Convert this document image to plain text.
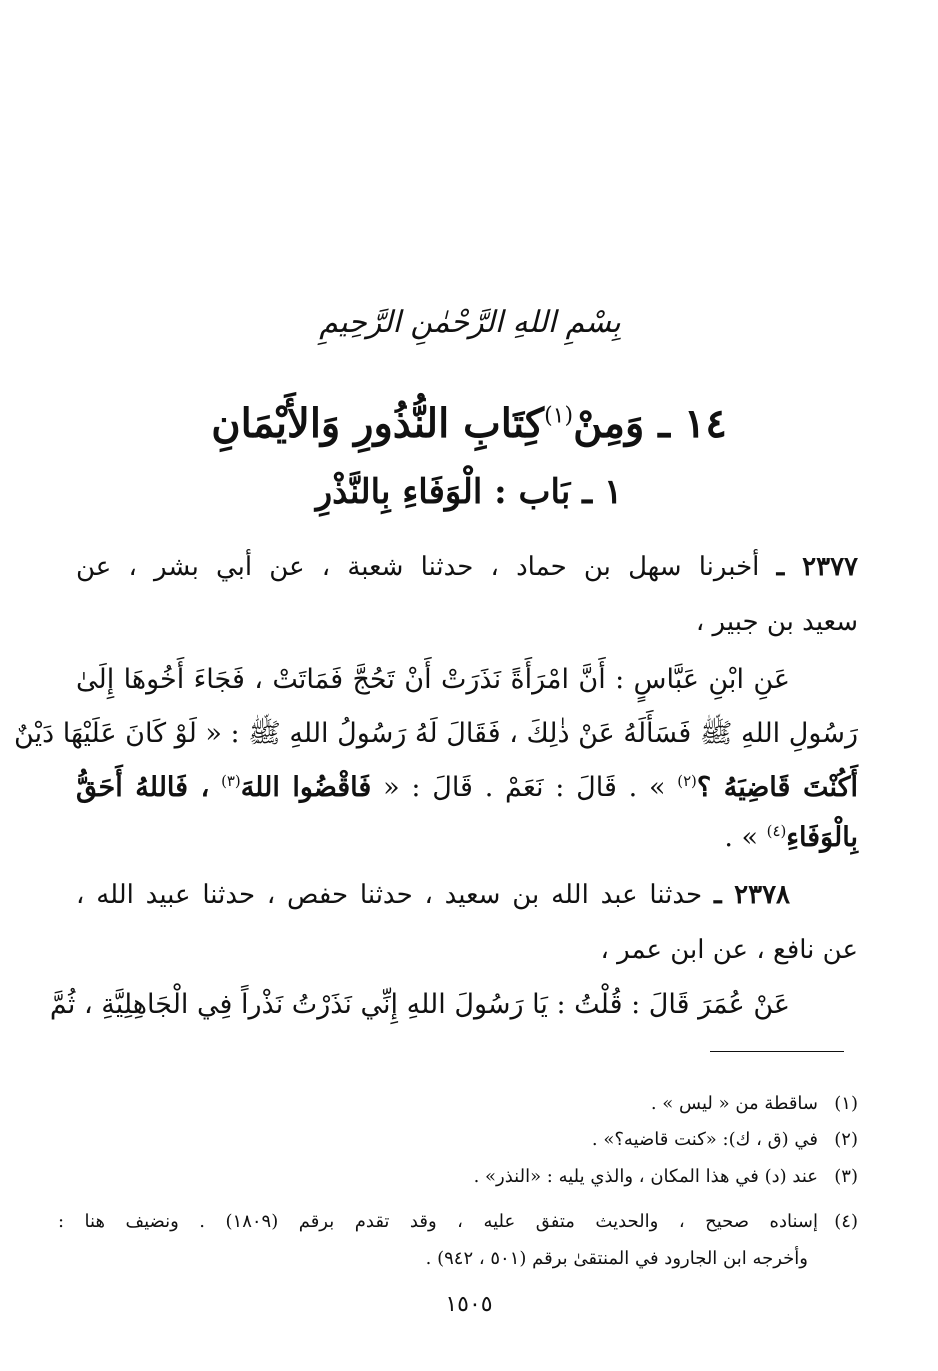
بِسْمِ اللهِ الرَّحْمٰنِ الرَّحِيمِ
١٤ ـ وَمِنْ$^{(١)}$كِتَابِ النُّذُورِ وَالأَيْمَانِ
١ ـ بَاب : الْوَفَاءِ بِالنَّذْرِ
٢٣٧٧ ـ أخبرنا سهل بن حماد ، حدثنا شعبة ، عن أبي بشر ، عن
سعيد بن جبير ،
عَنِ ابْنِ عَبَّاسٍ : أَنَّ امْرَأَةً نَذَرَتْ أَنْ تَحُجَّ فَمَاتَتْ ، فَجَاءَ أَخُوهَا إِلَىٰ
رَسُولِ اللهِ ﷺ فَسَأَلَهُ عَنْ ذٰلِكَ ، فَقَالَ لَهُ رَسُولُ اللهِ ﷺ : « لَوْ كَانَ عَلَيْهَا دَيْنٌ
أَكُنْتَ قَاضِيَهُ ؟$^{(٢)}$ » . قَالَ : نَعَمْ . قَالَ : « فَاقْضُوا اللهَ$^{(٣)}$ ، فَاللهُ أَحَقُّ
بِالْوَفَاءِ$^{(٤)}$ » .
٢٣٧٨ ـ حدثنا عبد الله بن سعيد ، حدثنا حفص ، حدثنا عبيد الله ،
عن نافع ، عن ابن عمر ،
عَنْ عُمَرَ قَالَ : قُلْتُ : يَا رَسُولَ اللهِ إِنِّي نَذَرْتُ نَذْراً فِي الْجَاهِلِيَّةِ ، ثُمَّ
(١)
ساقطة من « ليس » .
(٢)
في (ق ، ك): «كنت قاضيه؟» .
(٣)
عند (د) في هذا المكان ، والذي يليه : «النذر» .
(٤)
إسناده صحيح ، والحديث متفق عليه ، وقد تقدم برقم (١٨٠٩) . ونضيف هنا :
وأخرجه ابن الجارود في المنتقىٰ برقم (٥٠١ ، ٩٤٢) .
١٥٠٥
